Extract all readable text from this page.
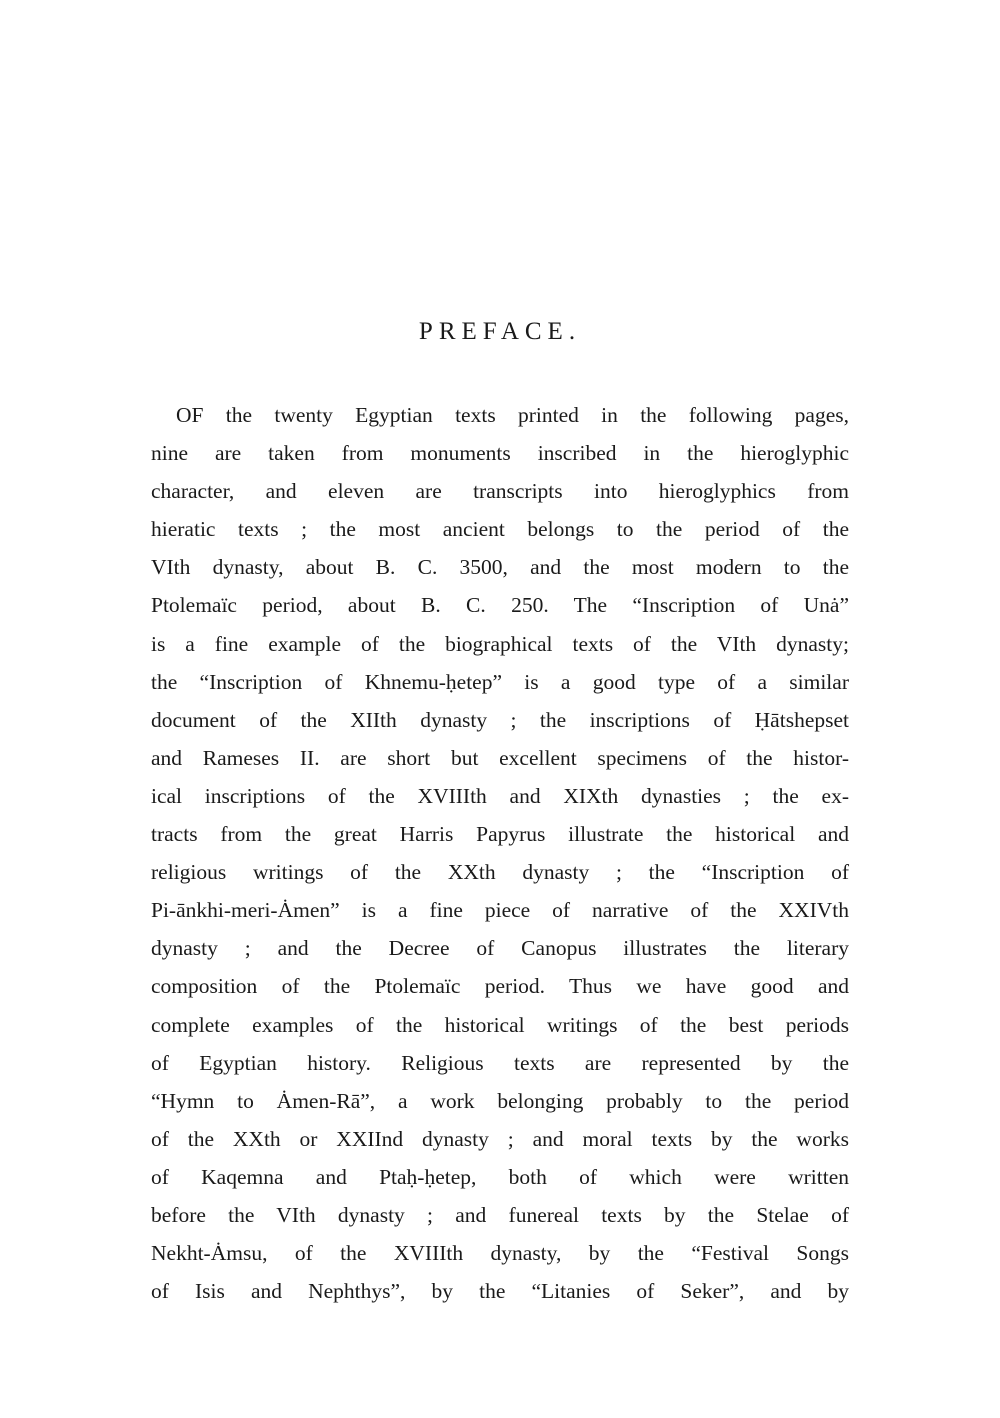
PREFACE.
OF the twenty Egyptian texts printed in the following pages,
nine are taken from monuments inscribed in the hieroglyphic
character, and eleven are transcripts into hieroglyphics from
hieratic texts ; the most ancient belongs to the period of the
VIth dynasty, about B. C. 3500, and the most modern to the
Ptolemaïc period, about B. C. 250. The “Inscription of Unȧ”
is a fine example of the biographical texts of the VIth dynasty;
the “Inscription of Khnemu-ḥetep” is a good type of a similar
document of the XIIth dynasty ; the inscriptions of Ḥātshepset
and Rameses II. are short but excellent specimens of the histor-
ical inscriptions of the XVIIIth and XIXth dynasties ; the ex-
tracts from the great Harris Papyrus illustrate the historical and
religious writings of the XXth dynasty ; the “Inscription of
Pi-ānkhi-meri-Ȧmen” is a fine piece of narrative of the XXIVth
dynasty ; and the Decree of Canopus illustrates the literary
composition of the Ptolemaïc period. Thus we have good and
complete examples of the historical writings of the best periods
of Egyptian history. Religious texts are represented by the
“Hymn to Ȧmen-Rā”, a work belonging probably to the period
of the XXth or XXIInd dynasty ; and moral texts by the works
of Kaqemna and Ptaḥ-ḥetep, both of which were written
before the VIth dynasty ; and funereal texts by the Stelae of
Nekht-Ȧmsu, of the XVIIIth dynasty, by the “Festival Songs
of Isis and Nephthys”, by the “Litanies of Seker”, and by
